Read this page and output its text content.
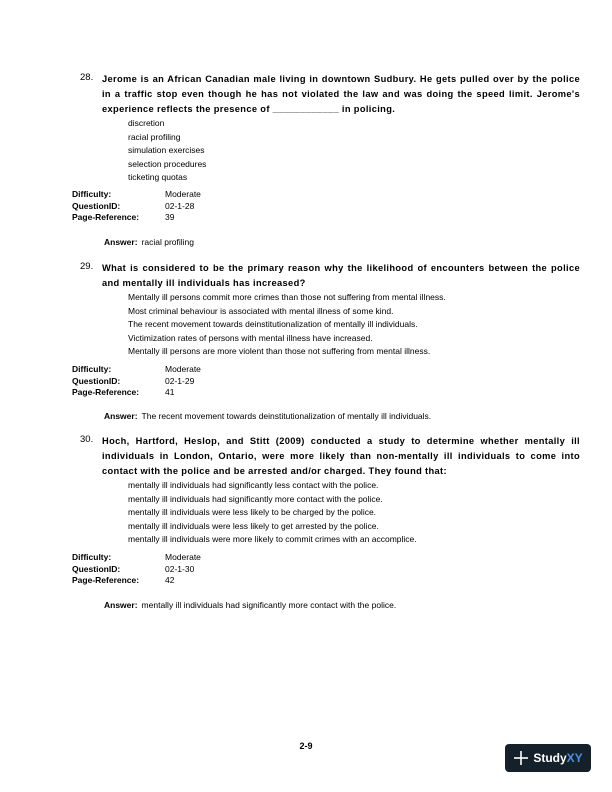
28. Jerome is an African Canadian male living in downtown Sudbury. He gets pulled over by the police in a traffic stop even though he has not violated the law and was doing the speed limit. Jerome's experience reflects the presence of ____________ in policing.
discretion
racial profiling
simulation exercises
selection procedures
ticketing quotas
Difficulty:	Moderate
QuestionID:	02-1-28
Page-Reference:	39
Answer: racial profiling
29. What is considered to be the primary reason why the likelihood of encounters between the police and mentally ill individuals has increased?
Mentally ill persons commit more crimes than those not suffering from mental illness.
Most criminal behaviour is associated with mental illness of some kind.
The recent movement towards deinstitutionalization of mentally ill individuals.
Victimization rates of persons with mental illness have increased.
Mentally ill persons are more violent than those not suffering from mental illness.
Difficulty:	Moderate
QuestionID:	02-1-29
Page-Reference:	41
Answer: The recent movement towards deinstitutionalization of mentally ill individuals.
30. Hoch, Hartford, Heslop, and Stitt (2009) conducted a study to determine whether mentally ill individuals in London, Ontario, were more likely than non-mentally ill individuals to come into contact with the police and be arrested and/or charged. They found that:
mentally ill individuals had significantly less contact with the police.
mentally ill individuals had significantly more contact with the police.
mentally ill individuals were less likely to be charged by the police.
mentally ill individuals were less likely to get arrested by the police.
mentally ill individuals were more likely to commit crimes with an accomplice.
Difficulty:	Moderate
QuestionID:	02-1-30
Page-Reference:	42
Answer: mentally ill individuals had significantly more contact with the police.
2-9
Study XY
